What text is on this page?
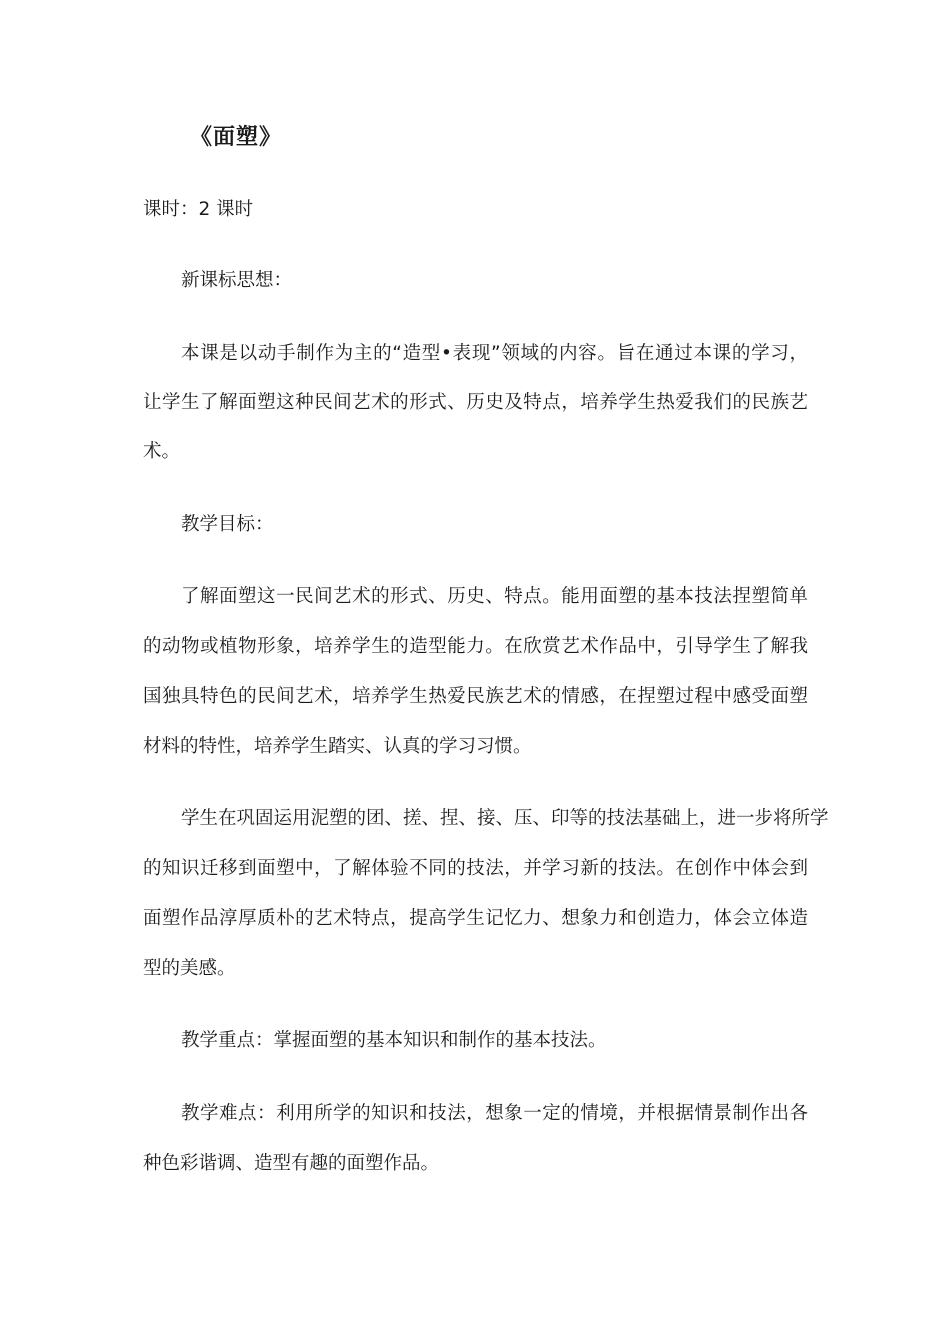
《面塑》

课时：2 课时

新课标思想：

本课是以动手制作为主的“造型•表现”领域的内容。旨在通过本课的学习，

让学生了解面塑这种民间艺术的形式、历史及特点，培养学生热爱我们的民族艺

术。

教学目标：

了解面塑这一民间艺术的形式、历史、特点。能用面塑的基本技法捏塑简单

的动物或植物形象，培养学生的造型能力。在欣赏艺术作品中，引导学生了解我

国独具特色的民间艺术，培养学生热爱民族艺术的情感，在捏塑过程中感受面塑

材料的特性，培养学生踏实、认真的学习习惯。

学生在巩固运用泥塑的团、搓、捏、接、压、印等的技法基础上，进一步将所学

的知识迁移到面塑中，了解体验不同的技法，并学习新的技法。在创作中体会到

面塑作品淳厚质朴的艺术特点，提高学生记忆力、想象力和创造力，体会立体造

型的美感。

教学重点：掌握面塑的基本知识和制作的基本技法。

教学难点：利用所学的知识和技法，想象一定的情境，并根据情景制作出各

种色彩谐调、造型有趣的面塑作品。
